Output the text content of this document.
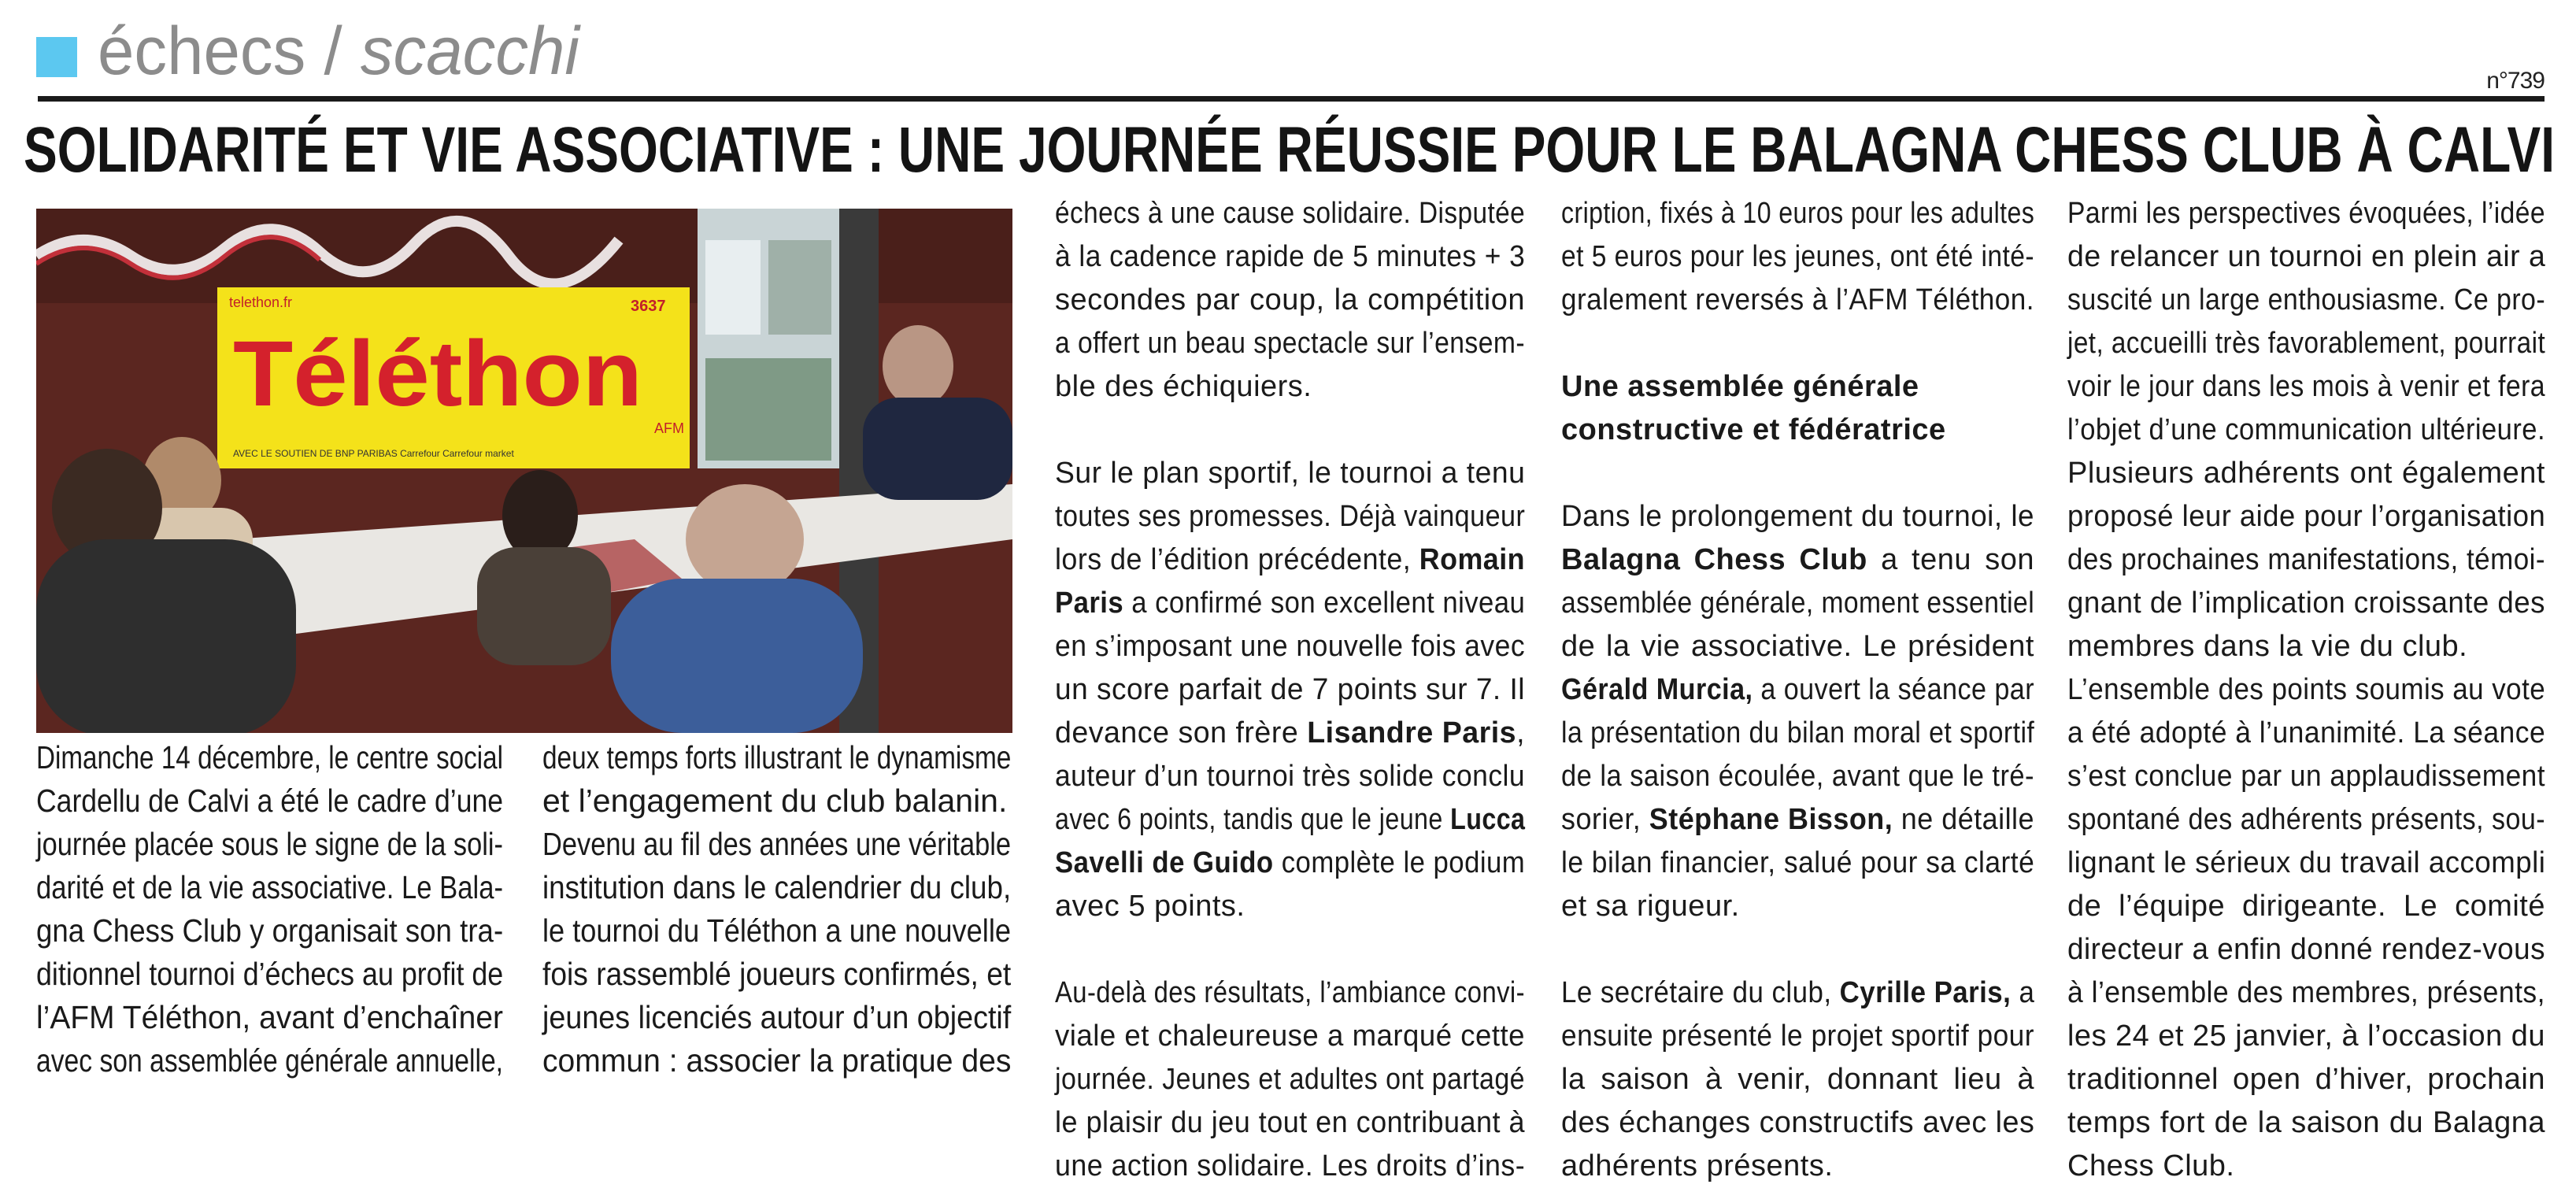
échecs / scacchi	n°739
SOLIDARITÉ ET VIE ASSOCIATIVE : UNE JOURNÉE RÉUSSIE POUR LE BALAGNA CHESS CLUB À CALVI
telethon.fr	3637
Téléthon
AFM
AVEC LE SOUTIEN DE BNP PARIBAS Carrefour Carrefour market
Dimanche 14 décembre, le centre social
Cardellu de Calvi a été le cadre d’une
journée placée sous le signe de la soli-
darité et de la vie associative. Le Bala-
gna Chess Club y organisait son tra-
ditionnel tournoi d’échecs au profit de
l’AFM Téléthon, avant d’enchaîner
avec son assemblée générale annuelle,
deux temps forts illustrant le dynamisme
et l’engagement du club balanin.
Devenu au fil des années une véritable
institution dans le calendrier du club,
le tournoi du Téléthon a une nouvelle
fois rassemblé joueurs confirmés, et
jeunes licenciés autour d’un objectif
commun : associer la pratique des
échecs à une cause solidaire. Disputée
à la cadence rapide de 5 minutes + 3
secondes par coup, la compétition
a offert un beau spectacle sur l’ensem-
ble des échiquiers.
Sur le plan sportif, le tournoi a tenu
toutes ses promesses. Déjà vainqueur
lors de l’édition précédente, Romain
Paris a confirmé son excellent niveau
en s’imposant une nouvelle fois avec
un score parfait de 7 points sur 7. Il
devance son frère Lisandre Paris,
auteur d’un tournoi très solide conclu
avec 6 points, tandis que le jeune Lucca
Savelli de Guido complète le podium
avec 5 points.
Au-delà des résultats, l’ambiance convi-
viale et chaleureuse a marqué cette
journée. Jeunes et adultes ont partagé
le plaisir du jeu tout en contribuant à
une action solidaire. Les droits d’ins-
cription, fixés à 10 euros pour les adultes
et 5 euros pour les jeunes, ont été inté-
gralement reversés à l’AFM Téléthon.
Une assemblée générale
constructive et fédératrice
Dans le prolongement du tournoi, le
Balagna Chess Club a tenu son
assemblée générale, moment essentiel
de la vie associative. Le président
Gérald Murcia, a ouvert la séance par
la présentation du bilan moral et sportif
de la saison écoulée, avant que le tré-
sorier, Stéphane Bisson, ne détaille
le bilan financier, salué pour sa clarté
et sa rigueur.
Le secrétaire du club, Cyrille Paris, a
ensuite présenté le projet sportif pour
la saison à venir, donnant lieu à
des échanges constructifs avec les
adhérents présents.
Parmi les perspectives évoquées, l’idée
de relancer un tournoi en plein air a
suscité un large enthousiasme. Ce pro-
jet, accueilli très favorablement, pourrait
voir le jour dans les mois à venir et fera
l’objet d’une communication ultérieure.
Plusieurs adhérents ont également
proposé leur aide pour l’organisation
des prochaines manifestations, témoi-
gnant de l’implication croissante des
membres dans la vie du club.
L’ensemble des points soumis au vote
a été adopté à l’unanimité. La séance
s’est conclue par un applaudissement
spontané des adhérents présents, sou-
lignant le sérieux du travail accompli
de l’équipe dirigeante. Le comité
directeur a enfin donné rendez-vous
à l’ensemble des membres, présents,
les 24 et 25 janvier, à l’occasion du
traditionnel open d’hiver, prochain
temps fort de la saison du Balagna
Chess Club.
